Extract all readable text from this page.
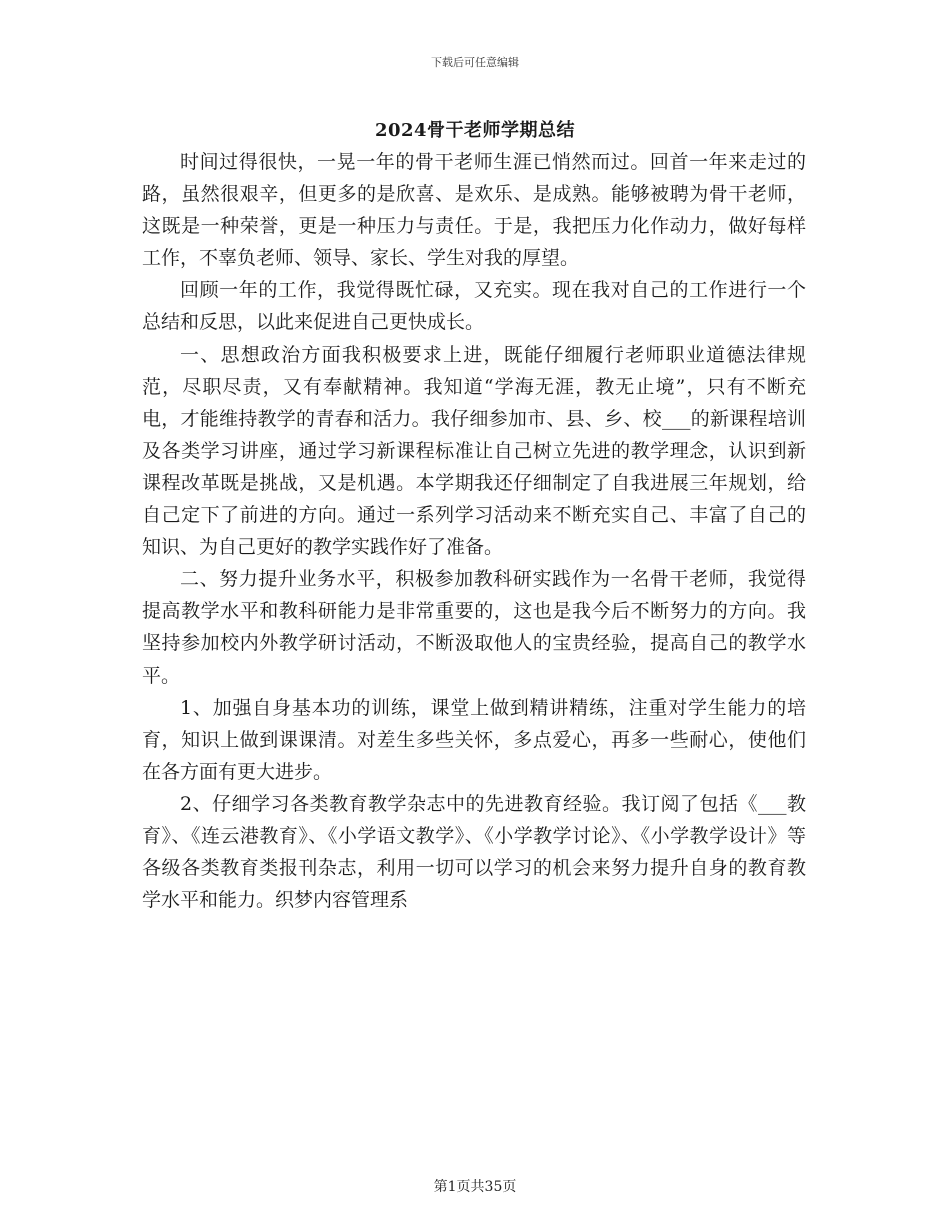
下载后可任意编辑
2024骨干老师学期总结

时间过得很快，一晃一年的骨干老师生涯已悄然而过。回首一年来走过的路，虽然很艰辛，但更多的是欣喜、是欢乐、是成熟。能够被聘为骨干老师，这既是一种荣誉，更是一种压力与责任。于是，我把压力化作动力，做好每样工作，不辜负老师、领导、家长、学生对我的厚望。

回顾一年的工作，我觉得既忙碌，又充实。现在我对自己的工作进行一个总结和反思，以此来促进自己更快成长。

一、思想政治方面我积极要求上进，既能仔细履行老师职业道德法律规范，尽职尽责，又有奉献精神。我知道“学海无涯，教无止境”，只有不断充电，才能维持教学的青春和活力。我仔细参加市、县、乡、校___的新课程培训及各类学习讲座，通过学习新课程标准让自己树立先进的教学理念，认识到新课程改革既是挑战，又是机遇。本学期我还仔细制定了自我进展三年规划，给自己定下了前进的方向。通过一系列学习活动来不断充实自己、丰富了自己的知识、为自己更好的教学实践作好了准备。

二、努力提升业务水平，积极参加教科研实践作为一名骨干老师，我觉得提高教学水平和教科研能力是非常重要的，这也是我今后不断努力的方向。我坚持参加校内外教学研讨活动，不断汲取他人的宝贵经验，提高自己的教学水平。

1、加强自身基本功的训练，课堂上做到精讲精练，注重对学生能力的培育，知识上做到课课清。对差生多些关怀，多点爱心，再多一些耐心，使他们在各方面有更大进步。

2、仔细学习各类教育教学杂志中的先进教育经验。我订阅了包括《___教育》、《连云港教育》、《小学语文教学》、《小学教学讨论》、《小学教学设计》等各级各类教育类报刊杂志，利用一切可以学习的机会来努力提升自身的教育教学水平和能力。织梦内容管理系

第1页共35页
